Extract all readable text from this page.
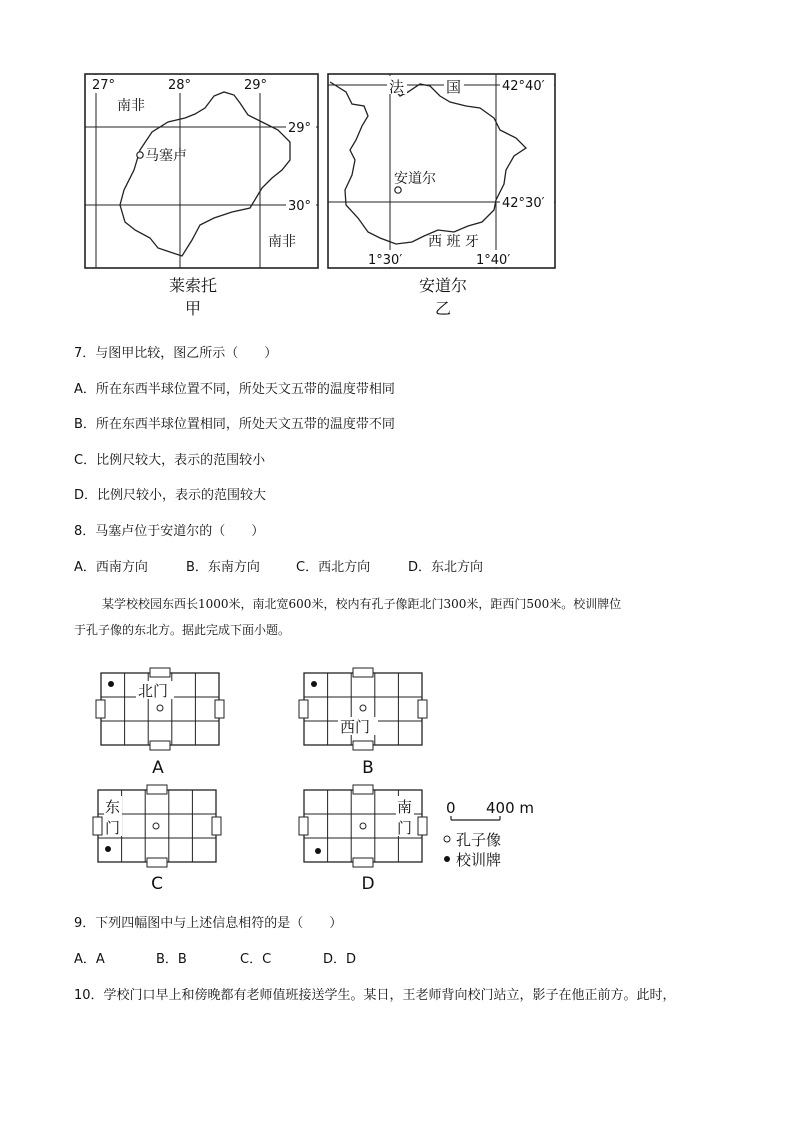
27°	28°	29°
29°
30°
南非
马塞卢
南非
莱索托
甲
法	国	42°40′
42°30′
安道尔
西 班 牙
1°30′	1°40′
安道尔
乙
7．与图甲比较，图乙所示（　　）
A．所在东西半球位置不同，所处天文五带的温度带相同
B．所在东西半球位置相同，所处天文五带的温度带不同
C．比例尺较大，表示的范围较小
D．比例尺较小，表示的范围较大
8．马塞卢位于安道尔的（　　）
A．西南方向	B．东南方向	C．西北方向	D．东北方向
某学校校园东西长1000米，南北宽600米，校内有孔子像距北门300米，距西门500米。校训牌位
于孔子像的东北方。据此完成下面小题。
北门
A
西门
B
东
门
C
南
门
D
0 400 m
孔子像
校训牌
9．下列四幅图中与上述信息相符的是（　　）
A．A	B．B	C．C	D．D
10．学校门口早上和傍晚都有老师值班接送学生。某日，王老师背向校门站立，影子在他正前方。此时，
